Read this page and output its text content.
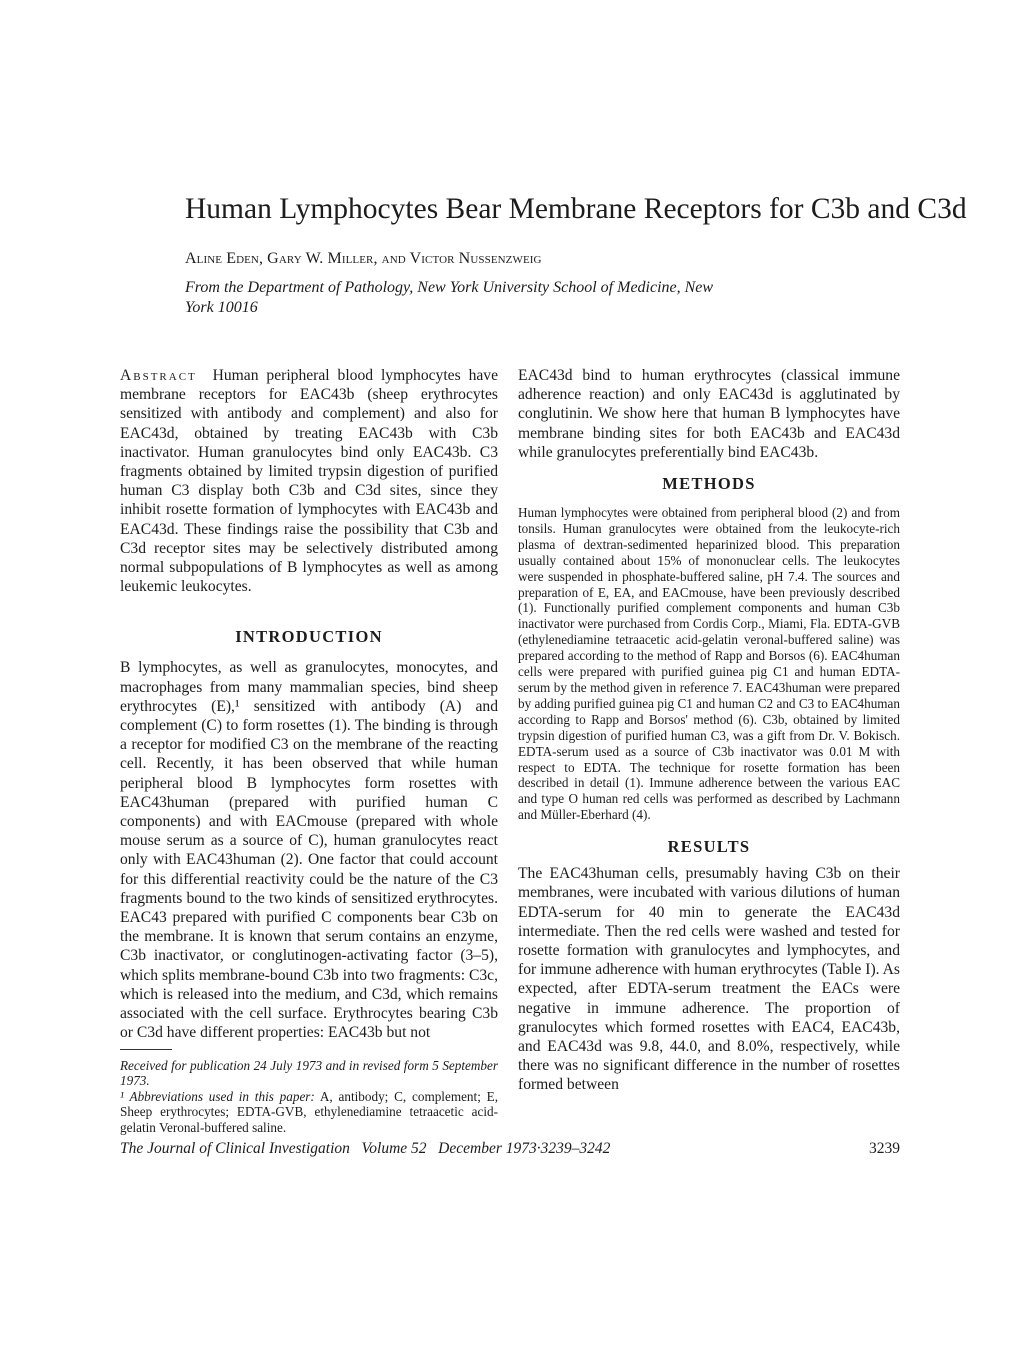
Human Lymphocytes Bear Membrane Receptors for C3b and C3d
Aline Eden, Gary W. Miller, and Victor Nussenzweig
From the Department of Pathology, New York University School of Medicine, New York 10016

Abstract Human peripheral blood lymphocytes have membrane receptors for EAC43b (sheep erythrocytes sensitized with antibody and complement) and also for EAC43d, obtained by treating EAC43b with C3b inactivator. Human granulocytes bind only EAC43b. C3 fragments obtained by limited trypsin digestion of purified human C3 display both C3b and C3d sites, since they inhibit rosette formation of lymphocytes with EAC43b and EAC43d. These findings raise the possibility that C3b and C3d receptor sites may be selectively distributed among normal subpopulations of B lymphocytes as well as among leukemic leukocytes.

INTRODUCTION

B lymphocytes, as well as granulocytes, monocytes, and macrophages from many mammalian species, bind sheep erythrocytes (E),¹ sensitized with antibody (A) and complement (C) to form rosettes (1). The binding is through a receptor for modified C3 on the membrane of the reacting cell. Recently, it has been observed that while human peripheral blood B lymphocytes form rosettes with EAC43human (prepared with purified human C components) and with EACmouse (prepared with whole mouse serum as a source of C), human granulocytes react only with EAC43human (2). One factor that could account for this differential reactivity could be the nature of the C3 fragments bound to the two kinds of sensitized erythrocytes. EAC43 prepared with purified C components bear C3b on the membrane. It is known that serum contains an enzyme, C3b inactivator, or conglutinogen-activating factor (3–5), which splits membrane-bound C3b into two fragments: C3c, which is released into the medium, and C3d, which remains associated with the cell surface. Erythrocytes bearing C3b or C3d have different properties: EAC43b but not

Received for publication 24 July 1973 and in revised form 5 September 1973.

¹ Abbreviations used in this paper: A, antibody; C, complement; E, Sheep erythrocytes; EDTA-GVB, ethylenediamine tetraacetic acid-gelatin Veronal-buffered saline.

EAC43d bind to human erythrocytes (classical immune adherence reaction) and only EAC43d is agglutinated by conglutinin. We show here that human B lymphocytes have membrane binding sites for both EAC43b and EAC43d while granulocytes preferentially bind EAC43b.

METHODS

Human lymphocytes were obtained from peripheral blood (2) and from tonsils. Human granulocytes were obtained from the leukocyte-rich plasma of dextran-sedimented heparinized blood. This preparation usually contained about 15% of mononuclear cells. The leukocytes were suspended in phosphate-buffered saline, pH 7.4. The sources and preparation of E, EA, and EACmouse, have been previously described (1). Functionally purified complement components and human C3b inactivator were purchased from Cordis Corp., Miami, Fla. EDTA-GVB (ethylenediamine tetraacetic acid-gelatin veronal-buffered saline) was prepared according to the method of Rapp and Borsos (6). EAC4human cells were prepared with purified guinea pig C1 and human EDTA-serum by the method given in reference 7. EAC43human were prepared by adding purified guinea pig C1 and human C2 and C3 to EAC4human according to Rapp and Borsos' method (6). C3b, obtained by limited trypsin digestion of purified human C3, was a gift from Dr. V. Bokisch. EDTA-serum used as a source of C3b inactivator was 0.01 M with respect to EDTA. The technique for rosette formation has been described in detail (1). Immune adherence between the various EAC and type O human red cells was performed as described by Lachmann and Müller-Eberhard (4).

RESULTS

The EAC43human cells, presumably having C3b on their membranes, were incubated with various dilutions of human EDTA-serum for 40 min to generate the EAC43d intermediate. Then the red cells were washed and tested for rosette formation with granulocytes and lymphocytes, and for immune adherence with human erythrocytes (Table I). As expected, after EDTA-serum treatment the EACs were negative in immune adherence. The proportion of granulocytes which formed rosettes with EAC4, EAC43b, and EAC43d was 9.8, 44.0, and 8.0%, respectively, while there was no significant difference in the number of rosettes formed between

The Journal of Clinical Investigation Volume 52 December 1973·3239–3242	3239
